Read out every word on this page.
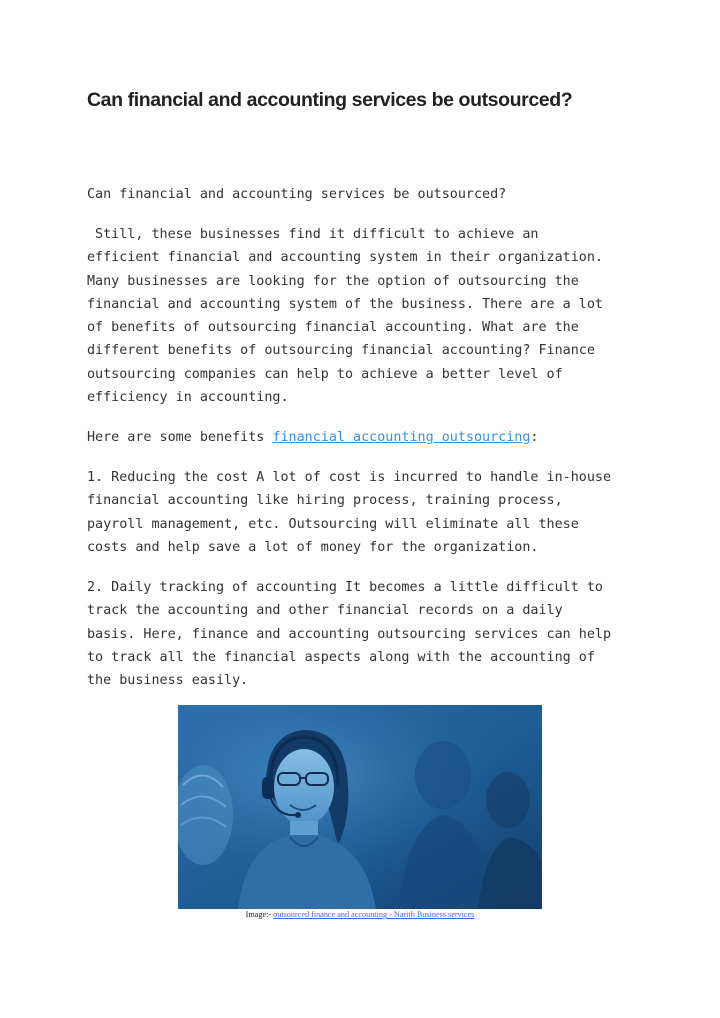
Can financial and accounting services be outsourced?

Can financial and accounting services be outsourced?

Still, these businesses find it difficult to achieve an
efficient financial and accounting system in their organization.
Many businesses are looking for the option of outsourcing the
financial and accounting system of the business. There are a lot
of benefits of outsourcing financial accounting. What are the
different benefits of outsourcing financial accounting? Finance
outsourcing companies can help to achieve a better level of
efficiency in accounting.

Here are some benefits financial accounting outsourcing:

1. Reducing the cost A lot of cost is incurred to handle in-house
financial accounting like hiring process, training process,
payroll management, etc. Outsourcing will eliminate all these
costs and help save a lot of money for the organization.

2. Daily tracking of accounting It becomes a little difficult to
track the accounting and other financial records on a daily
basis. Here, finance and accounting outsourcing services can help
to track all the financial aspects along with the accounting of
the business easily.

Image:- outsourced finance and accounting - Narith Business services
